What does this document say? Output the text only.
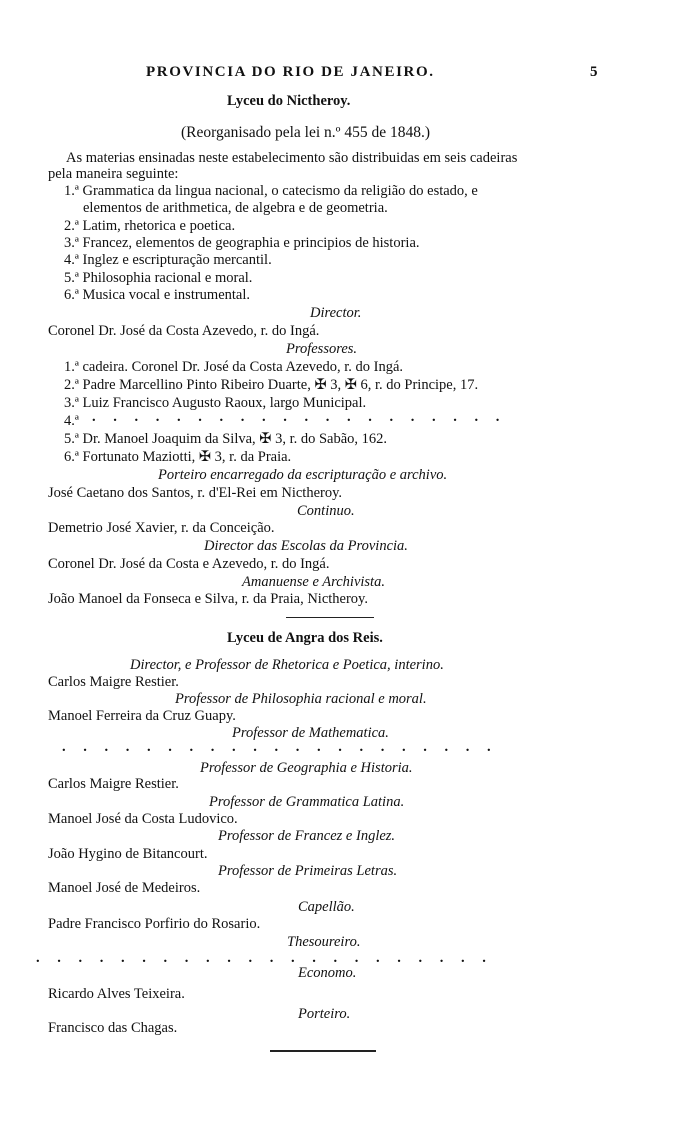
PROVINCIA DO RIO DE JANEIRO.	5
Lyceu do Nictheroy.
(Reorganisado pela lei n.º 455 de 1848.)
As materias ensinadas neste estabelecimento são distribuidas em seis cadeiras
pela maneira seguinte:
1.ª Grammatica da lingua nacional, o catecismo da religião do estado, e
elementos de arithmetica, de algebra e de geometria.
2.ª Latim, rhetorica e poetica.
3.ª Francez, elementos de geographia e principios de historia.
4.ª Inglez e escripturação mercantil.
5.ª Philosophia racional e moral.
6.ª Musica vocal e instrumental.
Director.
Coronel Dr. José da Costa Azevedo, r. do Ingá.
Professores.
1.ª cadeira. Coronel Dr. José da Costa Azevedo, r. do Ingá.
2.ª Padre Marcellino Pinto Ribeiro Duarte, ✠ 3, ✠ 6, r. do Principe, 17.
3.ª Luiz Francisco Augusto Raoux, largo Municipal.
4.ª . . . . . . . . . . . . . . . . . . . .
5.ª Dr. Manoel Joaquim da Silva, ✠ 3, r. do Sabão, 162.
6.ª Fortunato Maziotti, ✠ 3, r. da Praia.
Porteiro encarregado da escripturação e archivo.
José Caetano dos Santos, r. d'El-Rei em Nictheroy.
Continuo.
Demetrio José Xavier, r. da Conceição.
Director das Escolas da Provincia.
Coronel Dr. José da Costa e Azevedo, r. do Ingá.
Amanuense e Archivista.
João Manoel da Fonseca e Silva, r. da Praia, Nictheroy.
Lyceu de Angra dos Reis.
Director, e Professor de Rhetorica e Poetica, interino.
Carlos Maigre Restier.
Professor de Philosophia racional e moral.
Manoel Ferreira da Cruz Guapy.
Professor de Mathematica.
. . . . . . . . . . . . . . . . . . . . .
Professor de Geographia e Historia.
Carlos Maigre Restier.
Professor de Grammatica Latina.
Manoel José da Costa Ludovico.
Professor de Francez e Inglez.
João Hygino de Bitancourt.
Professor de Primeiras Letras.
Manoel José de Medeiros.
Capellão.
Padre Francisco Porfirio do Rosario.
Thesoureiro.
. . . . . . . . . . . . . . . . . . . . . .
Economo.
Ricardo Alves Teixeira.
Porteiro.
Francisco das Chagas.
